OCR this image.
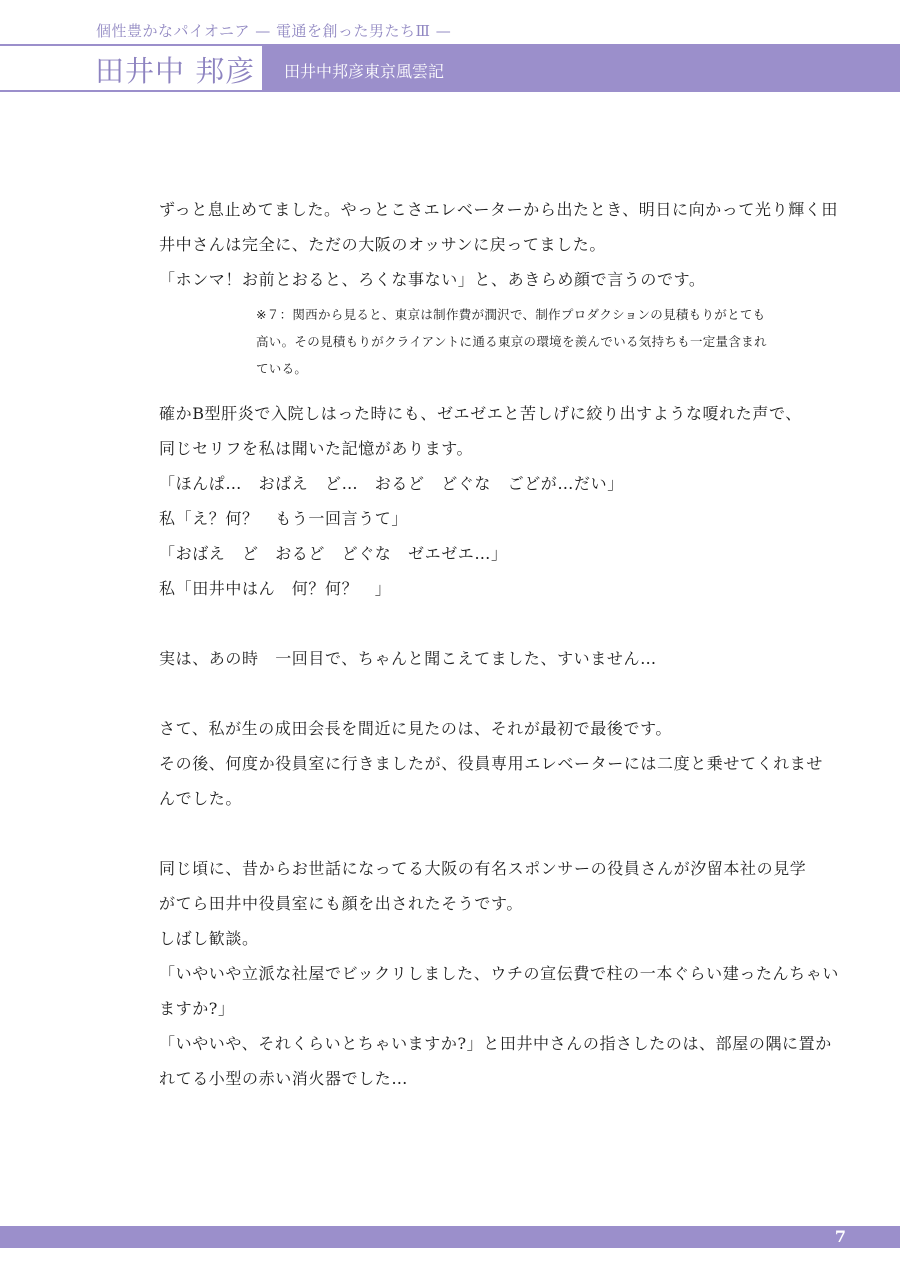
個性豊かなパイオニア — 電通を創った男たちⅢ —
田井中 邦彦 田井中邦彦東京風雲記
ずっと息止めてました。やっとこさエレベーターから出たとき、明日に向かって光り輝く田
井中さんは完全に、ただの大阪のオッサンに戻ってました。
「ホンマ！お前とおると、ろくな事ない」と、あきらめ顔で言うのです。
※７：関西から見ると、東京は制作費が潤沢で、制作プロダクションの見積もりがとても
高い。その見積もりがクライアントに通る東京の環境を羨んでいる気持ちも一定量含まれ
ている。
確かB型肝炎で入院しはった時にも、ゼエゼエと苦しげに絞り出すような嗄れた声で、
同じセリフを私は聞いた記憶があります。
「ほんぱ…　おばえ　ど…　おるど　どぐな　ごどが…だい」
私「え？何？　もう一回言うて」
「おばえ　ど　おるど　どぐな　ゼエゼエ…」
私「田井中はん　何？何？　」
実は、あの時　一回目で、ちゃんと聞こえてました、すいません…
さて、私が生の成田会長を間近に見たのは、それが最初で最後です。
その後、何度か役員室に行きましたが、役員専用エレベーターには二度と乗せてくれませ
んでした。
同じ頃に、昔からお世話になってる大阪の有名スポンサーの役員さんが汐留本社の見学
がてら田井中役員室にも顔を出されたそうです。
しばし歓談。
「いやいや立派な社屋でビックリしました、ウチの宣伝費で柱の一本ぐらい建ったんちゃい
ますか?」
「いやいや、それくらいとちゃいますか?」と田井中さんの指さしたのは、部屋の隅に置か
れてる小型の赤い消火器でした…
7
